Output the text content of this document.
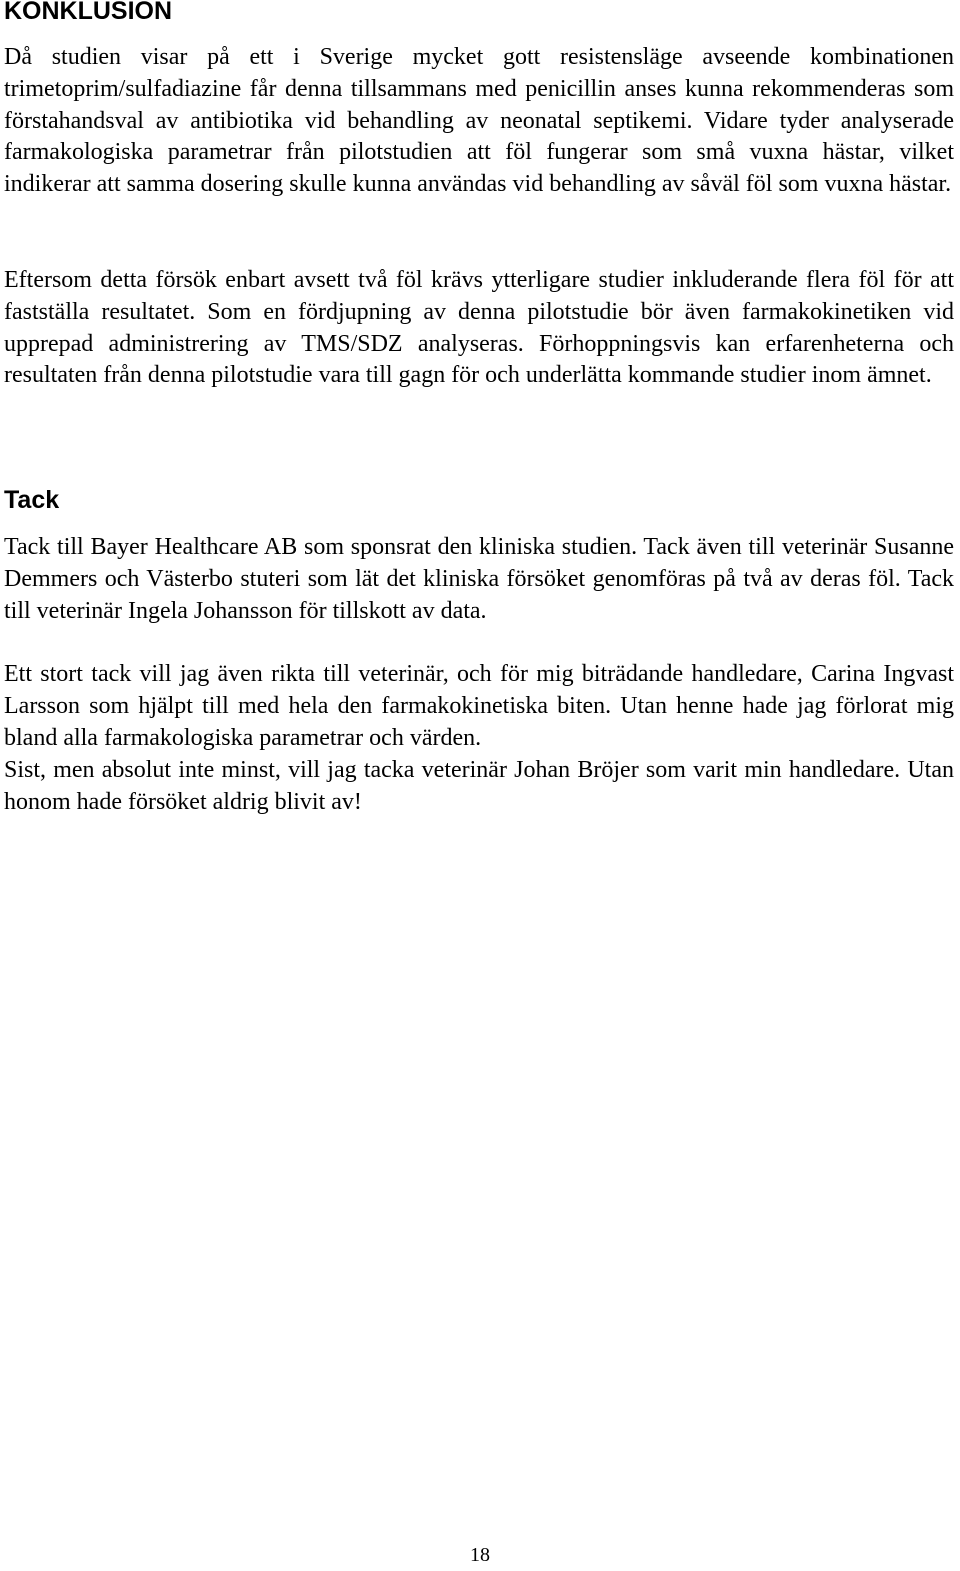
KONKLUSION

Då studien visar på ett i Sverige mycket gott resistensläge avseende kombinationen trimetoprim/sulfadiazine får denna tillsammans med penicillin anses kunna rekommenderas som förstahandsval av antibiotika vid behandling av neonatal septikemi. Vidare tyder analyserade farmakologiska parametrar från pilotstudien att föl fungerar som små vuxna hästar, vilket indikerar att samma dosering skulle kunna användas vid behandling av såväl föl som vuxna hästar.

Eftersom detta försök enbart avsett två föl krävs ytterligare studier inkluderande flera föl för att fastställa resultatet. Som en fördjupning av denna pilotstudie bör även farmakokinetiken vid upprepad administrering av TMS/SDZ analyseras. Förhoppningsvis kan erfarenheterna och resultaten från denna pilotstudie vara till gagn för och underlätta kommande studier inom ämnet.

Tack

Tack till Bayer Healthcare AB som sponsrat den kliniska studien. Tack även till veterinär Susanne Demmers och Västerbo stuteri som lät det kliniska försöket genomföras på två av deras föl. Tack till veterinär Ingela Johansson för tillskott av data.

Ett stort tack vill jag även rikta till veterinär, och för mig biträdande handledare, Carina Ingvast Larsson som hjälpt till med hela den farmakokinetiska biten. Utan henne hade jag förlorat mig bland alla farmakologiska parametrar och värden.

Sist, men absolut inte minst, vill jag tacka veterinär Johan Bröjer som varit min handledare. Utan honom hade försöket aldrig blivit av!

18
